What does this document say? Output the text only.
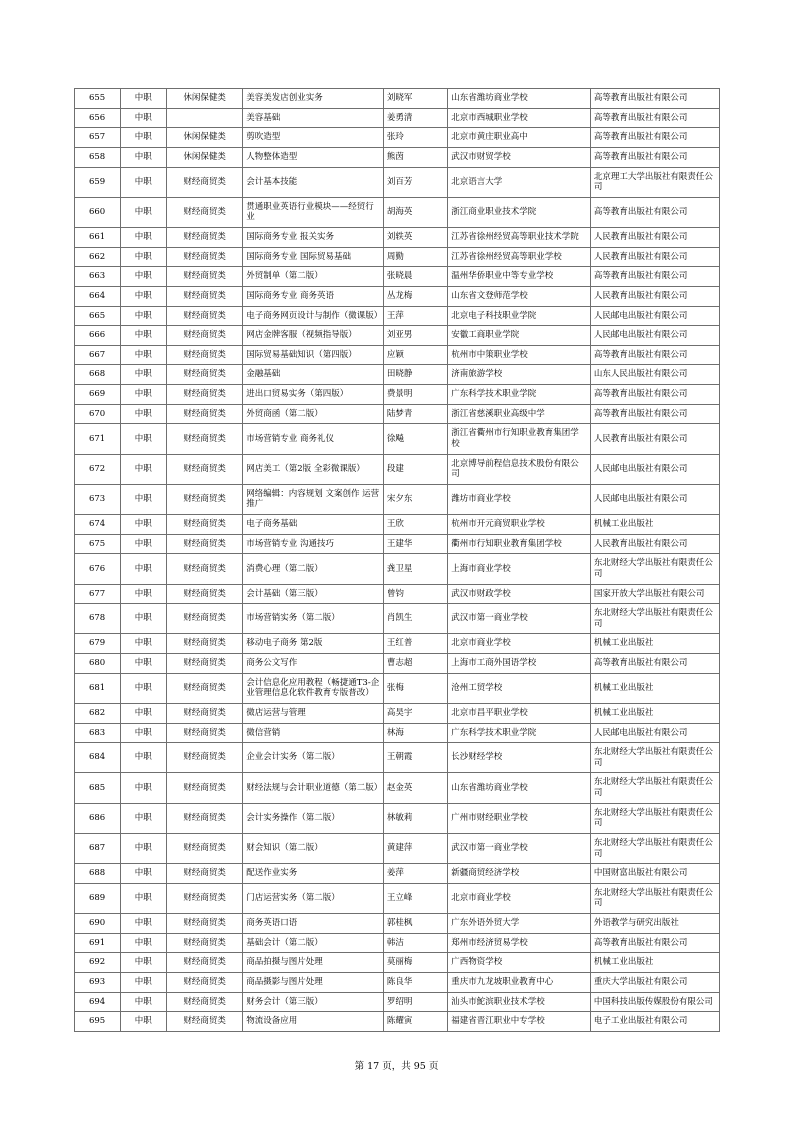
655	中职	休闲保健类	美容美发店创业实务	刘晓军	山东省潍坊商业学校	高等教育出版社有限公司
656	中职		美容基础	姜勇清	北京市西城职业学校	高等教育出版社有限公司
657	中职	休闲保健类	剪吹造型	张玲	北京市黄庄职业高中	高等教育出版社有限公司
658	中职	休闲保健类	人物整体造型	熊茵	武汉市财贸学校	高等教育出版社有限公司
659	中职	财经商贸类	会计基本技能	刘百芳	北京语言大学	北京理工大学出版社有限责任公司
660	中职	财经商贸类	贯通职业英语行业模块——经贸行业	胡海英	浙江商业职业技术学院	高等教育出版社有限公司
661	中职	财经商贸类	国际商务专业 报关实务	刘轶英	江苏省徐州经贸高等职业技术学院	人民教育出版社有限公司
662	中职	财经商贸类	国际商务专业 国际贸易基础	周勤	江苏省徐州经贸高等职业学校	人民教育出版社有限公司
663	中职	财经商贸类	外贸制单（第二版）	张晓晨	温州华侨职业中等专业学校	高等教育出版社有限公司
664	中职	财经商贸类	国际商务专业 商务英语	丛龙梅	山东省文登师范学校	人民教育出版社有限公司
665	中职	财经商贸类	电子商务网页设计与制作（微课版）	王萍	北京电子科技职业学院	人民邮电出版社有限公司
666	中职	财经商贸类	网店金牌客服（视频指导版）	刘亚男	安徽工商职业学院	人民邮电出版社有限公司
667	中职	财经商贸类	国际贸易基础知识（第四版）	应颖	杭州市中策职业学校	高等教育出版社有限公司
668	中职	财经商贸类	金融基础	田晓静	济南旅游学校	山东人民出版社有限公司
669	中职	财经商贸类	进出口贸易实务（第四版）	费景明	广东科学技术职业学院	高等教育出版社有限公司
670	中职	财经商贸类	外贸商函（第二版）	陆梦青	浙江省慈溪职业高级中学	高等教育出版社有限公司
671	中职	财经商贸类	市场营销专业 商务礼仪	徐飚	浙江省衢州市行知职业教育集团学校	人民教育出版社有限公司
672	中职	财经商贸类	网店美工（第2版 全彩微课版）	段建	北京博导前程信息技术股份有限公司	人民邮电出版社有限公司
673	中职	财经商贸类	网络编辑：内容规划 文案创作 运营推广	宋夕东	潍坊市商业学校	人民邮电出版社有限公司
674	中职	财经商贸类	电子商务基础	王欣	杭州市开元商贸职业学校	机械工业出版社
675	中职	财经商贸类	市场营销专业 沟通技巧	王建华	衢州市行知职业教育集团学校	人民教育出版社有限公司
676	中职	财经商贸类	消费心理（第二版）	龚卫星	上海市商业学校	东北财经大学出版社有限责任公司
677	中职	财经商贸类	会计基础（第三版）	曾钧	武汉市财政学校	国家开放大学出版社有限公司
678	中职	财经商贸类	市场营销实务（第二版）	肖凯生	武汉市第一商业学校	东北财经大学出版社有限责任公司
679	中职	财经商贸类	移动电子商务 第2版	王红普	北京市商业学校	机械工业出版社
680	中职	财经商贸类	商务公文写作	曹志超	上海市工商外国语学校	高等教育出版社有限公司
681	中职	财经商贸类	会计信息化应用教程（畅捷通T3-企业管理信息化软件教育专版普改）	张梅	沧州工贸学校	机械工业出版社
682	中职	财经商贸类	微店运营与管理	高昊宇	北京市昌平职业学校	机械工业出版社
683	中职	财经商贸类	微信营销	林海	广东科学技术职业学院	人民邮电出版社有限公司
684	中职	财经商贸类	企业会计实务（第二版）	王朝霞	长沙财经学校	东北财经大学出版社有限责任公司
685	中职	财经商贸类	财经法规与会计职业道德（第二版）	赵金英	山东省潍坊商业学校	东北财经大学出版社有限责任公司
686	中职	财经商贸类	会计实务操作（第二版）	林敏莉	广州市财经职业学校	东北财经大学出版社有限责任公司
687	中职	财经商贸类	财会知识（第二版）	黄建萍	武汉市第一商业学校	东北财经大学出版社有限责任公司
688	中职	财经商贸类	配送作业实务	姜萍	新疆商贸经济学校	中国财富出版社有限公司
689	中职	财经商贸类	门店运营实务（第二版）	王立峰	北京市商业学校	东北财经大学出版社有限责任公司
690	中职	财经商贸类	商务英语口语	郭桂枫	广东外语外贸大学	外语教学与研究出版社
691	中职	财经商贸类	基础会计（第二版）	韩洁	郑州市经济贸易学校	高等教育出版社有限公司
692	中职	财经商贸类	商品拍摄与图片处理	莫丽梅	广西物资学校	机械工业出版社
693	中职	财经商贸类	商品摄影与图片处理	陈良华	重庆市九龙坡职业教育中心	重庆大学出版社有限公司
694	中职	财经商贸类	财务会计（第三版）	罗绍明	汕头市鮀滨职业技术学校	中国科技出版传媒股份有限公司
695	中职	财经商贸类	物流设备应用	陈耀寅	福建省晋江职业中专学校	电子工业出版社有限公司
第 17 页，共 95 页
